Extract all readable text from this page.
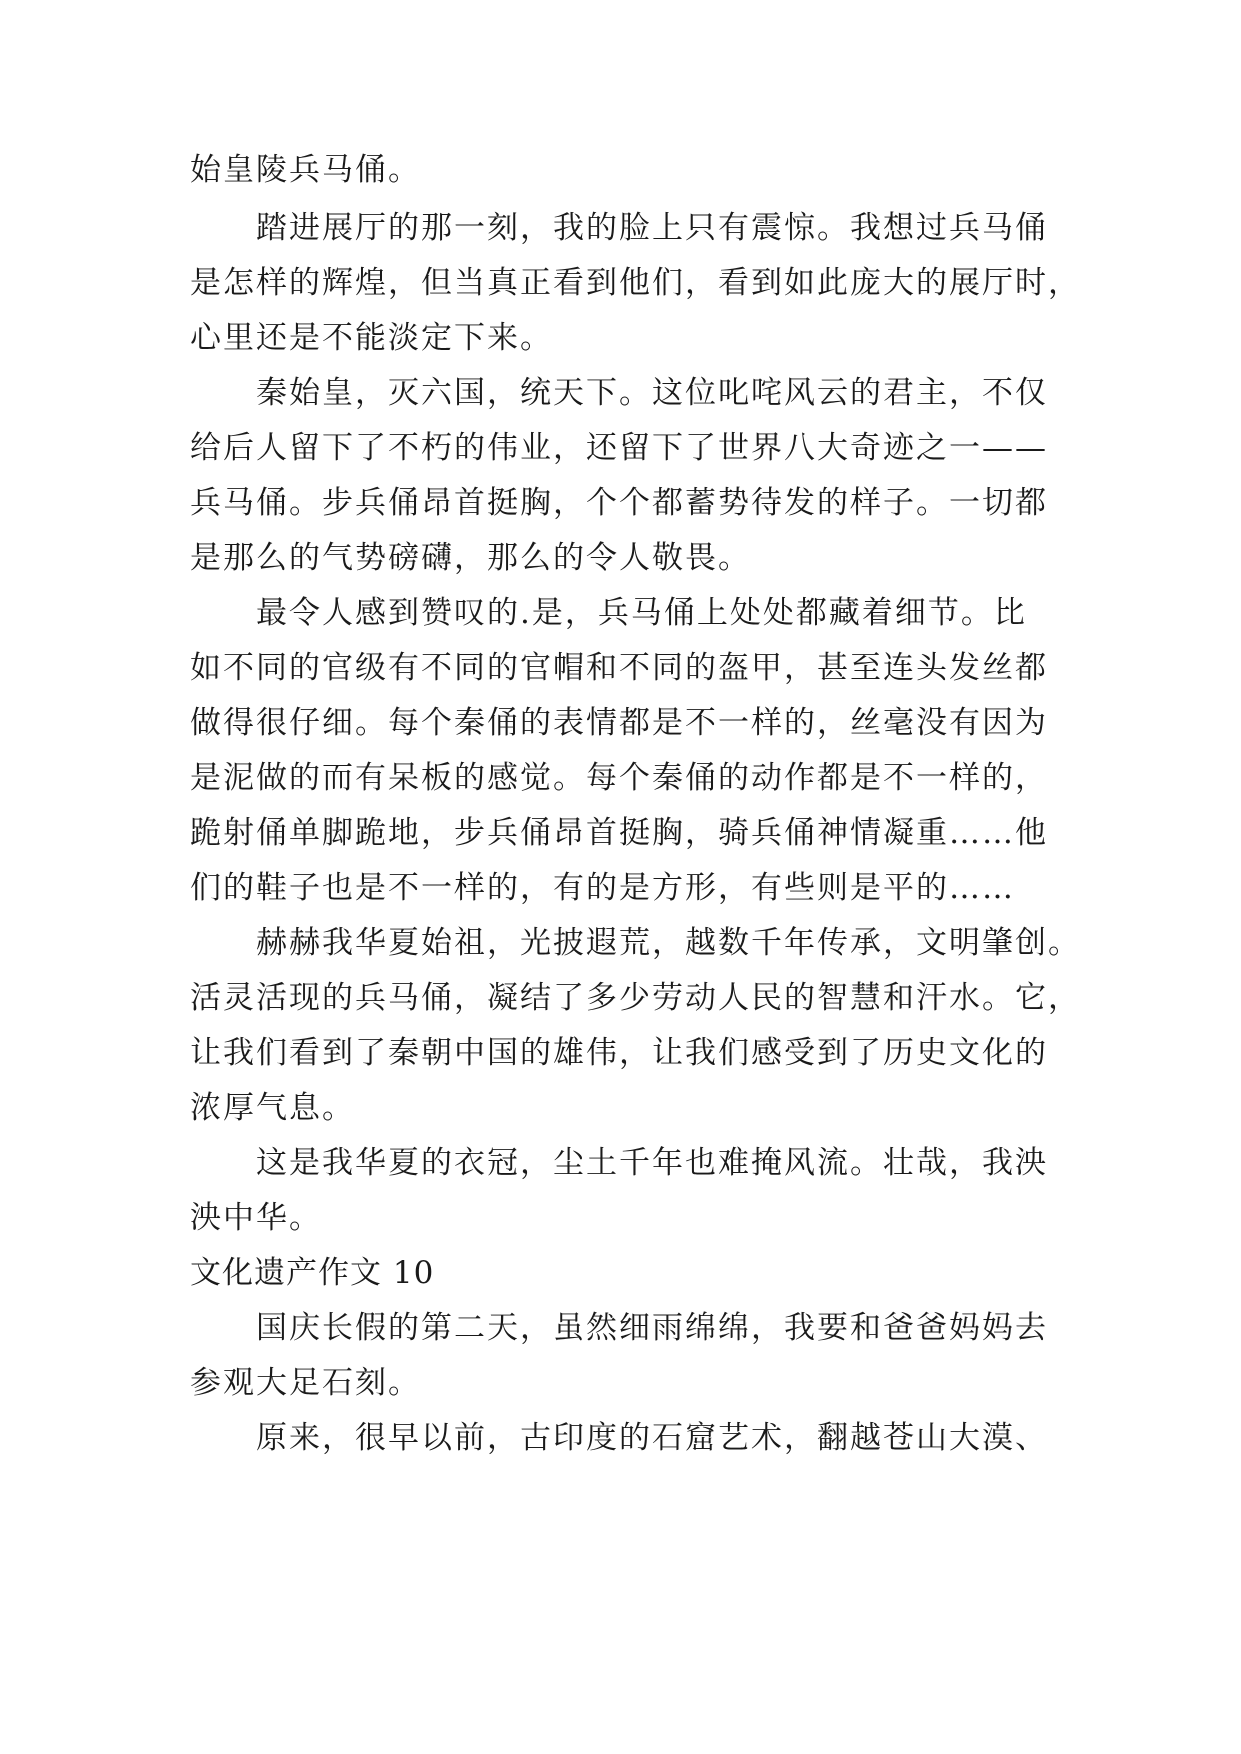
始皇陵兵马俑。
踏进展厅的那一刻，我的脸上只有震惊。我想过兵马俑
是怎样的辉煌，但当真正看到他们，看到如此庞大的展厅时，
心里还是不能淡定下来。
秦始皇，灭六国，统天下。这位叱咤风云的君主，不仅
给后人留下了不朽的伟业，还留下了世界八大奇迹之一——
兵马俑。步兵俑昂首挺胸，个个都蓄势待发的样子。一切都
是那么的气势磅礴，那么的令人敬畏。
最令人感到赞叹的.是，兵马俑上处处都藏着细节。比
如不同的官级有不同的官帽和不同的盔甲，甚至连头发丝都
做得很仔细。每个秦俑的表情都是不一样的，丝毫没有因为
是泥做的而有呆板的感觉。每个秦俑的动作都是不一样的，
跪射俑单脚跪地，步兵俑昂首挺胸，骑兵俑神情凝重……他
们的鞋子也是不一样的，有的是方形，有些则是平的……
赫赫我华夏始祖，光披遐荒，越数千年传承，文明肇创。
活灵活现的兵马俑，凝结了多少劳动人民的智慧和汗水。它，
让我们看到了秦朝中国的雄伟，让我们感受到了历史文化的
浓厚气息。
这是我华夏的衣冠，尘土千年也难掩风流。壮哉，我泱
泱中华。
文化遗产作文 10
国庆长假的第二天，虽然细雨绵绵，我要和爸爸妈妈去
参观大足石刻。
原来，很早以前，古印度的石窟艺术，翻越苍山大漠、
